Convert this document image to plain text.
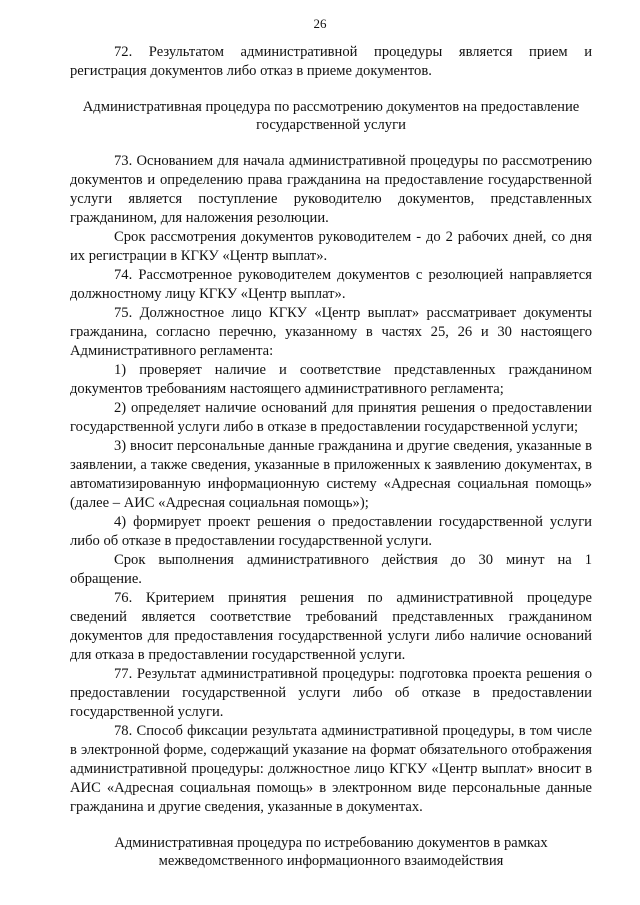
26

72. Результатом административной процедуры является прием и регистрация документов либо отказ в приеме документов.

Административная процедура по рассмотрению документов на предоставление
государственной услуги

73. Основанием для начала административной процедуры по рассмотрению документов и определению права гражданина на предоставление государственной услуги является поступление руководителю документов, представленных гражданином, для наложения резолюции.

Срок рассмотрения документов руководителем - до 2 рабочих дней, со дня их регистрации в КГКУ «Центр выплат».

74. Рассмотренное руководителем документов с резолюцией направляется должностному лицу КГКУ «Центр выплат».

75. Должностное лицо КГКУ «Центр выплат» рассматривает документы гражданина, согласно перечню, указанному в частях 25, 26 и 30 настоящего Административного регламента:

1) проверяет наличие и соответствие представленных гражданином документов требованиям настоящего административного регламента;

2) определяет наличие оснований для принятия решения о предоставлении государственной услуги либо в отказе в предоставлении государственной услуги;

3) вносит персональные данные гражданина и другие сведения, указанные в заявлении, а также сведения, указанные в приложенных к заявлению документах, в автоматизированную информационную систему «Адресная социальная помощь» (далее – АИС «Адресная социальная помощь»);

4) формирует проект решения о предоставлении государственной услуги либо об отказе в предоставлении государственной услуги.

Срок выполнения административного действия до 30 минут на 1 обращение.

76. Критерием принятия решения по административной процедуре сведений является соответствие требований представленных гражданином документов для предоставления государственной услуги либо наличие оснований для отказа в предоставлении государственной услуги.

77. Результат административной процедуры: подготовка проекта решения о предоставлении государственной услуги либо об отказе в предоставлении государственной услуги.

78. Способ фиксации результата административной процедуры, в том числе в электронной форме, содержащий указание на формат обязательного отображения административной процедуры: должностное лицо КГКУ «Центр выплат» вносит в АИС «Адресная социальная помощь» в электронном виде персональные данные гражданина и другие сведения, указанные в документах.

Административная процедура по истребованию документов в рамках
межведомственного информационного взаимодействия
